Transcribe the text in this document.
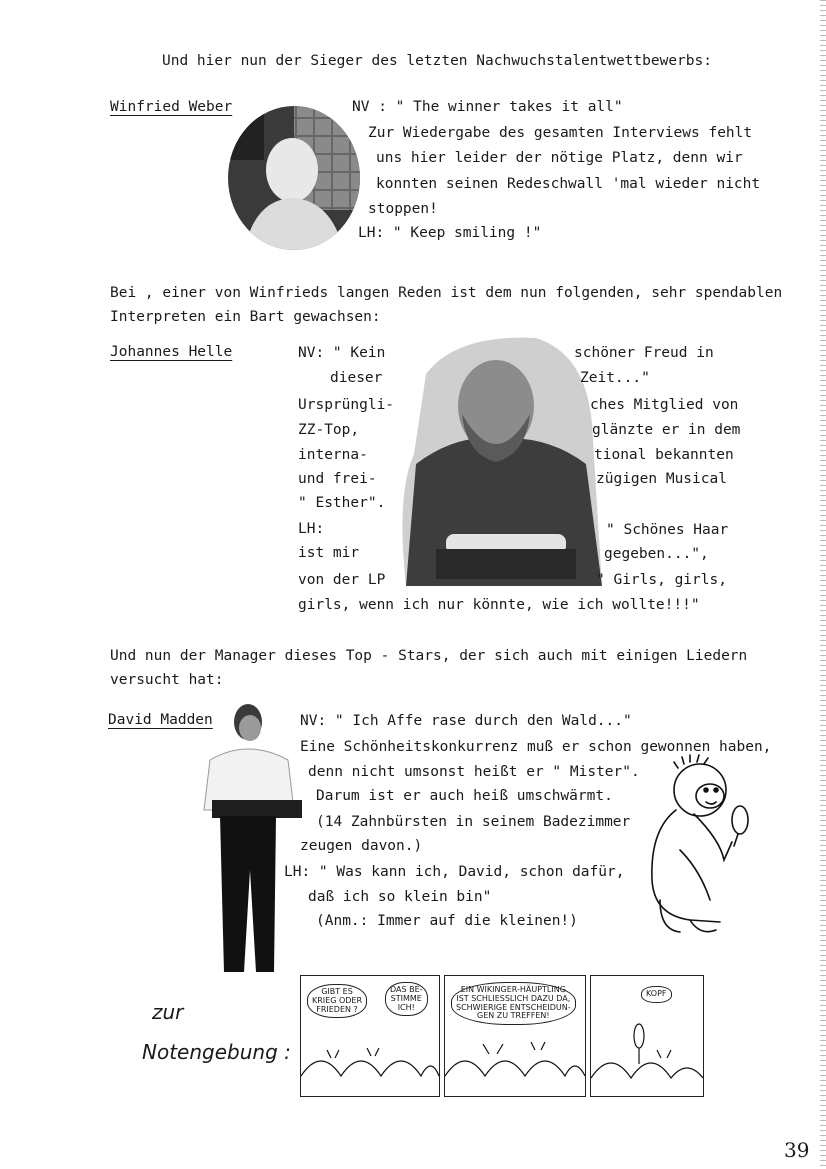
Und hier nun der Sieger des letzten Nachwuchstalentwettbewerbs:
Winfried Weber	NV : " The winner takes it all"
Zur Wiedergabe des gesamten Interviews fehlt
uns hier leider der nötige Platz, denn wir
konnten seinen Redeschwall 'mal wieder nicht
stoppen!
LH: " Keep smiling !"
Bei , einer von Winfrieds langen Reden ist dem nun folgenden, sehr spendablen
Interpreten ein Bart gewachsen:
Johannes Helle	NV: " Kein
dieser
Ursprüngli-
ZZ-Top,
interna-
und frei-
" Esther".
LH:
ist mir
von der LP
schöner Freud in
Zeit..."
ches Mitglied von
glänzte er in dem
tional bekannten
zügigen Musical
" Schönes Haar
gegeben...",
" Girls, girls,
girls, wenn ich nur könnte, wie ich wollte!!!"
Und nun der Manager dieses Top - Stars, der sich auch mit einigen Liedern
versucht hat:
David Madden	NV: " Ich Affe rase durch den Wald..."
Eine Schönheitskonkurrenz muß er schon gewonnen haben,
denn nicht umsonst heißt er " Mister".
Darum ist er auch heiß umschwärmt.
(14 Zahnbürsten in seinem Badezimmer
zeugen davon.)
LH: " Was kann ich, David, schon dafür,
daß ich so klein bin"
(Anm.: Immer auf die kleinen!)
zur
Notengebung :
GIBT ES
KRIEG ODER
FRIEDEN ?
DAS BE-
STIMME
ICH!
EIN WIKINGER-HÄUPTLING
IST SCHLIESSLICH DAZU DA,
SCHWIERIGE ENTSCHEIDUN-
GEN ZU TREFFEN!
KOPF
39
